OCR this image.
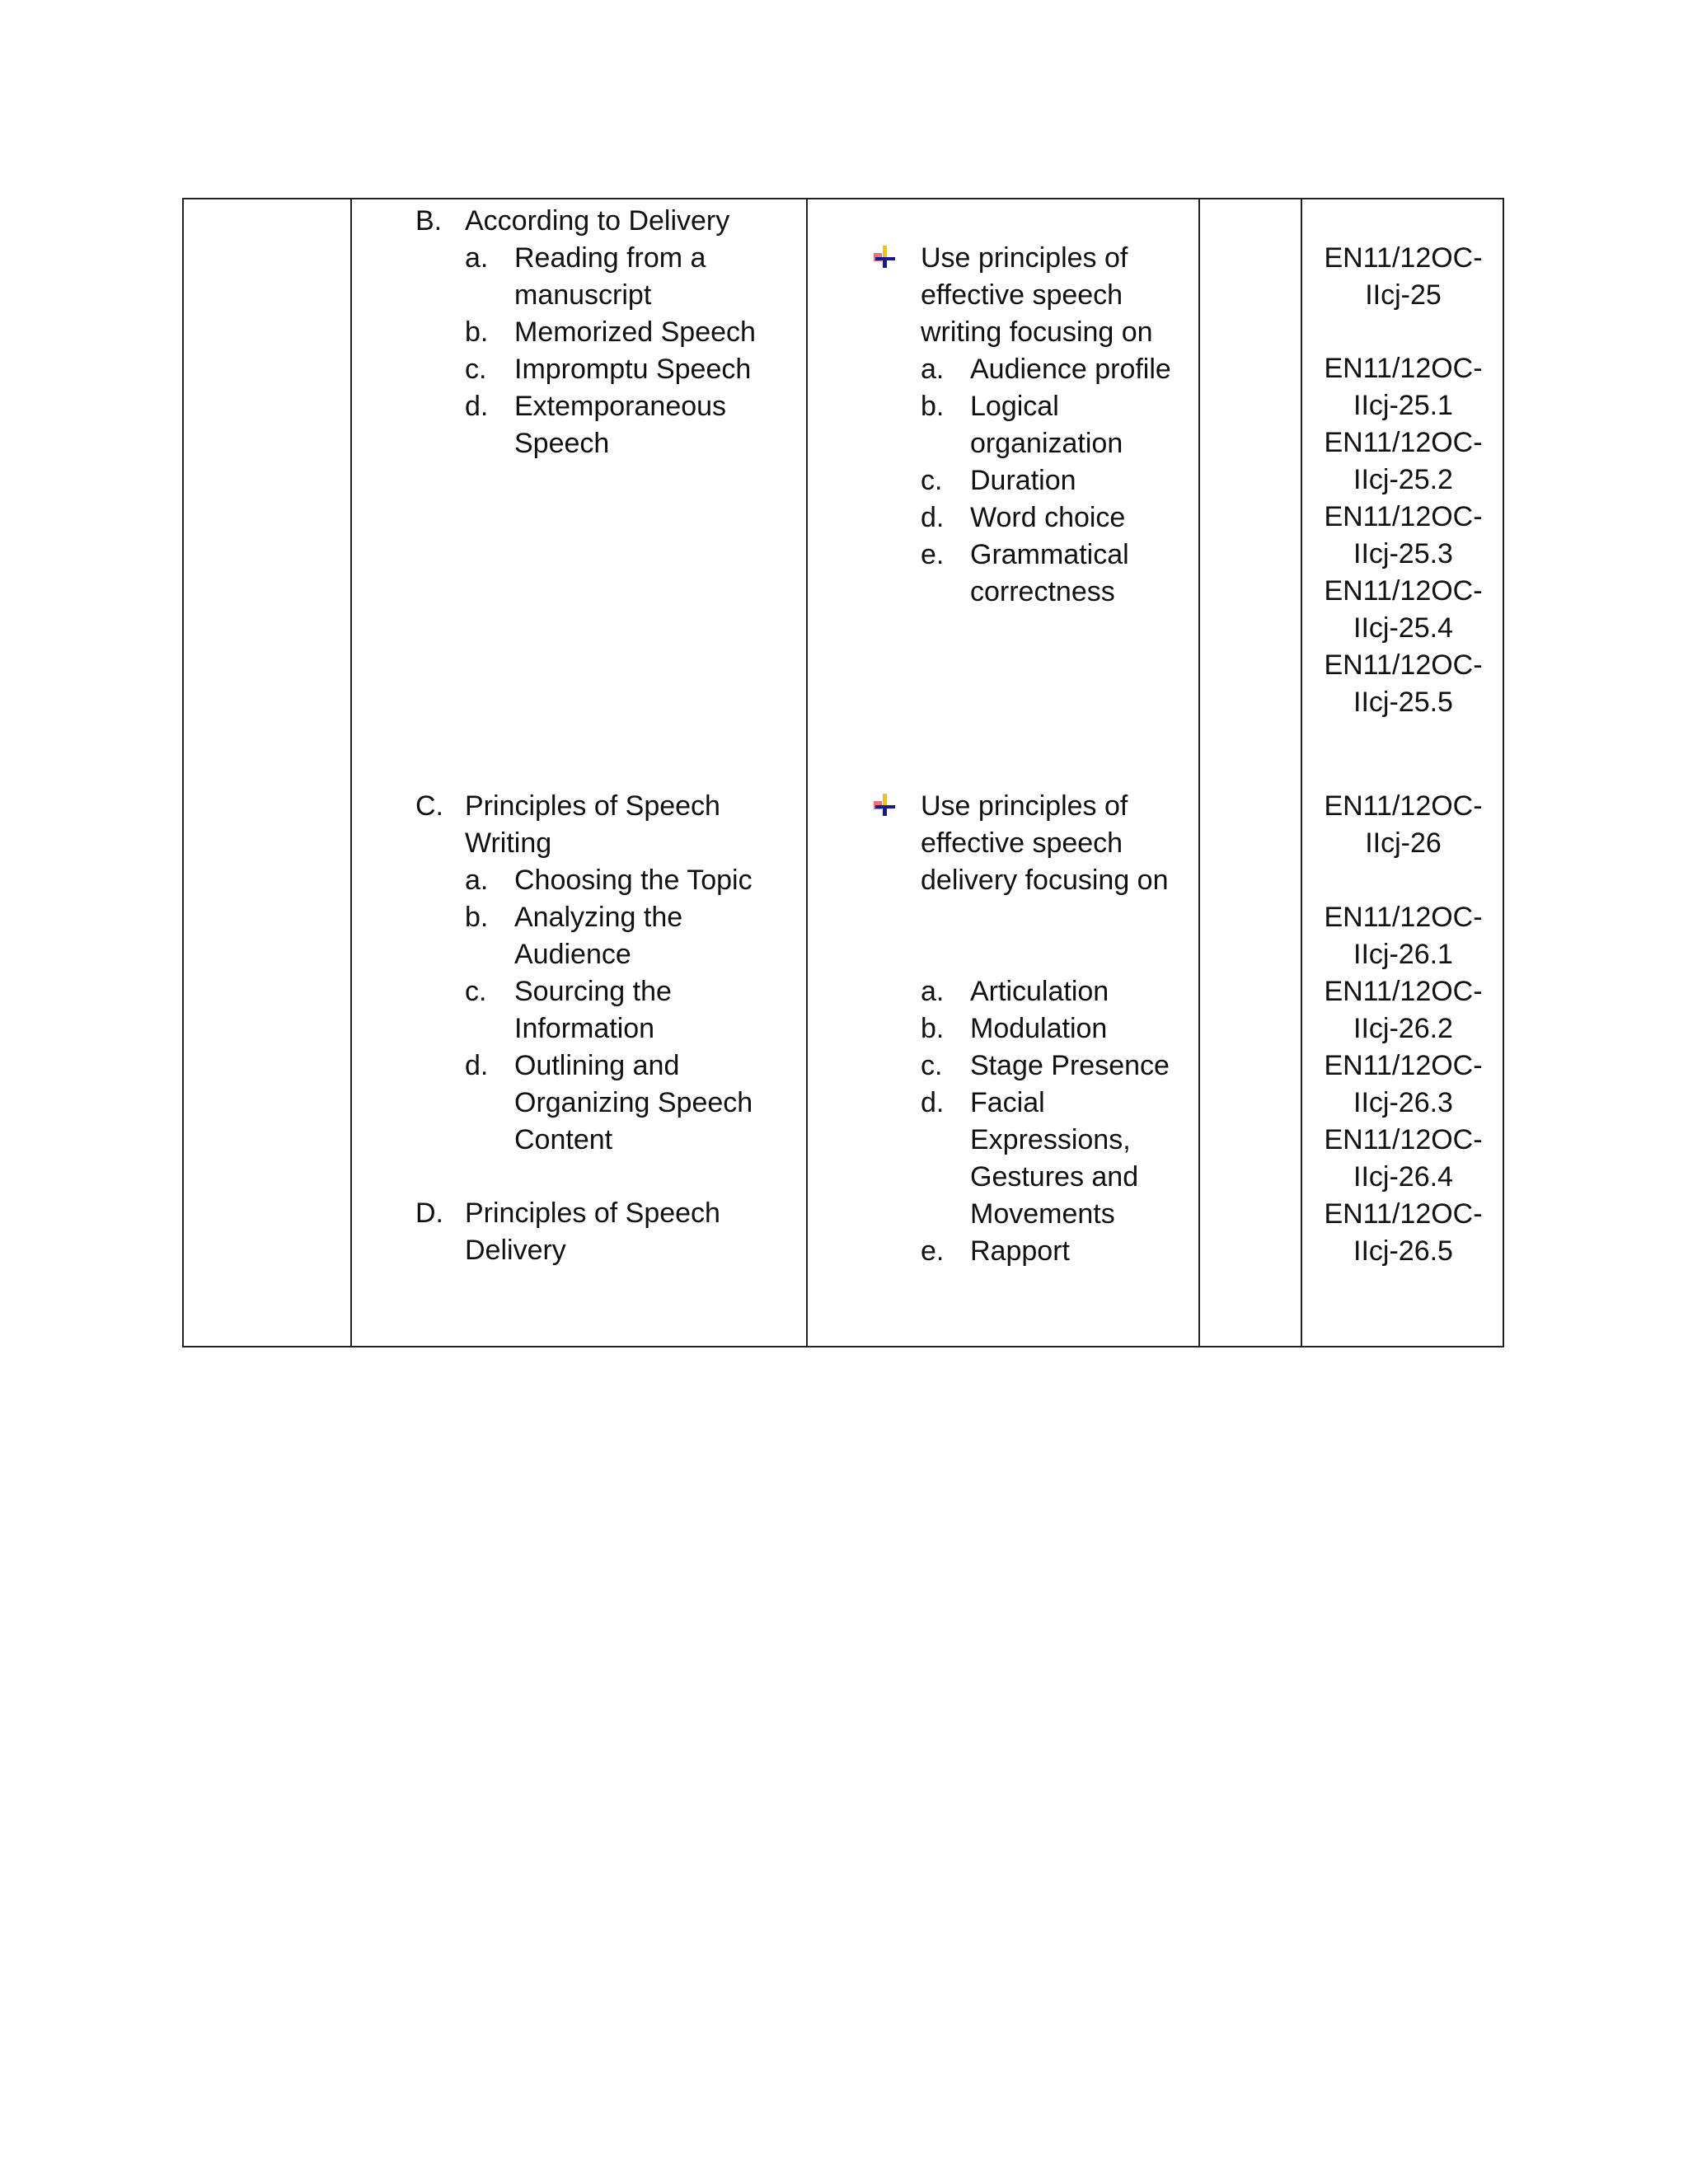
B. According to Delivery
a. Reading from a
manuscript
b. Memorized Speech
c. Impromptu Speech
d. Extemporaneous
Speech
C. Principles of Speech
Writing
a. Choosing the Topic
b. Analyzing the
Audience
c. Sourcing the
Information
d. Outlining and
Organizing Speech
Content
D. Principles of Speech
Delivery
Use principles of
effective speech
writing focusing on
a. Audience profile
b. Logical
organization
c. Duration
d. Word choice
e. Grammatical
correctness
Use principles of
effective speech
delivery focusing on
a. Articulation
b. Modulation
c. Stage Presence
d. Facial
Expressions,
Gestures and
Movements
e. Rapport
EN11/12OC-
IIcj-25
EN11/12OC-
IIcj-25.1
EN11/12OC-
IIcj-25.2
EN11/12OC-
IIcj-25.3
EN11/12OC-
IIcj-25.4
EN11/12OC-
IIcj-25.5
EN11/12OC-
IIcj-26
EN11/12OC-
IIcj-26.1
EN11/12OC-
IIcj-26.2
EN11/12OC-
IIcj-26.3
EN11/12OC-
IIcj-26.4
EN11/12OC-
IIcj-26.5
